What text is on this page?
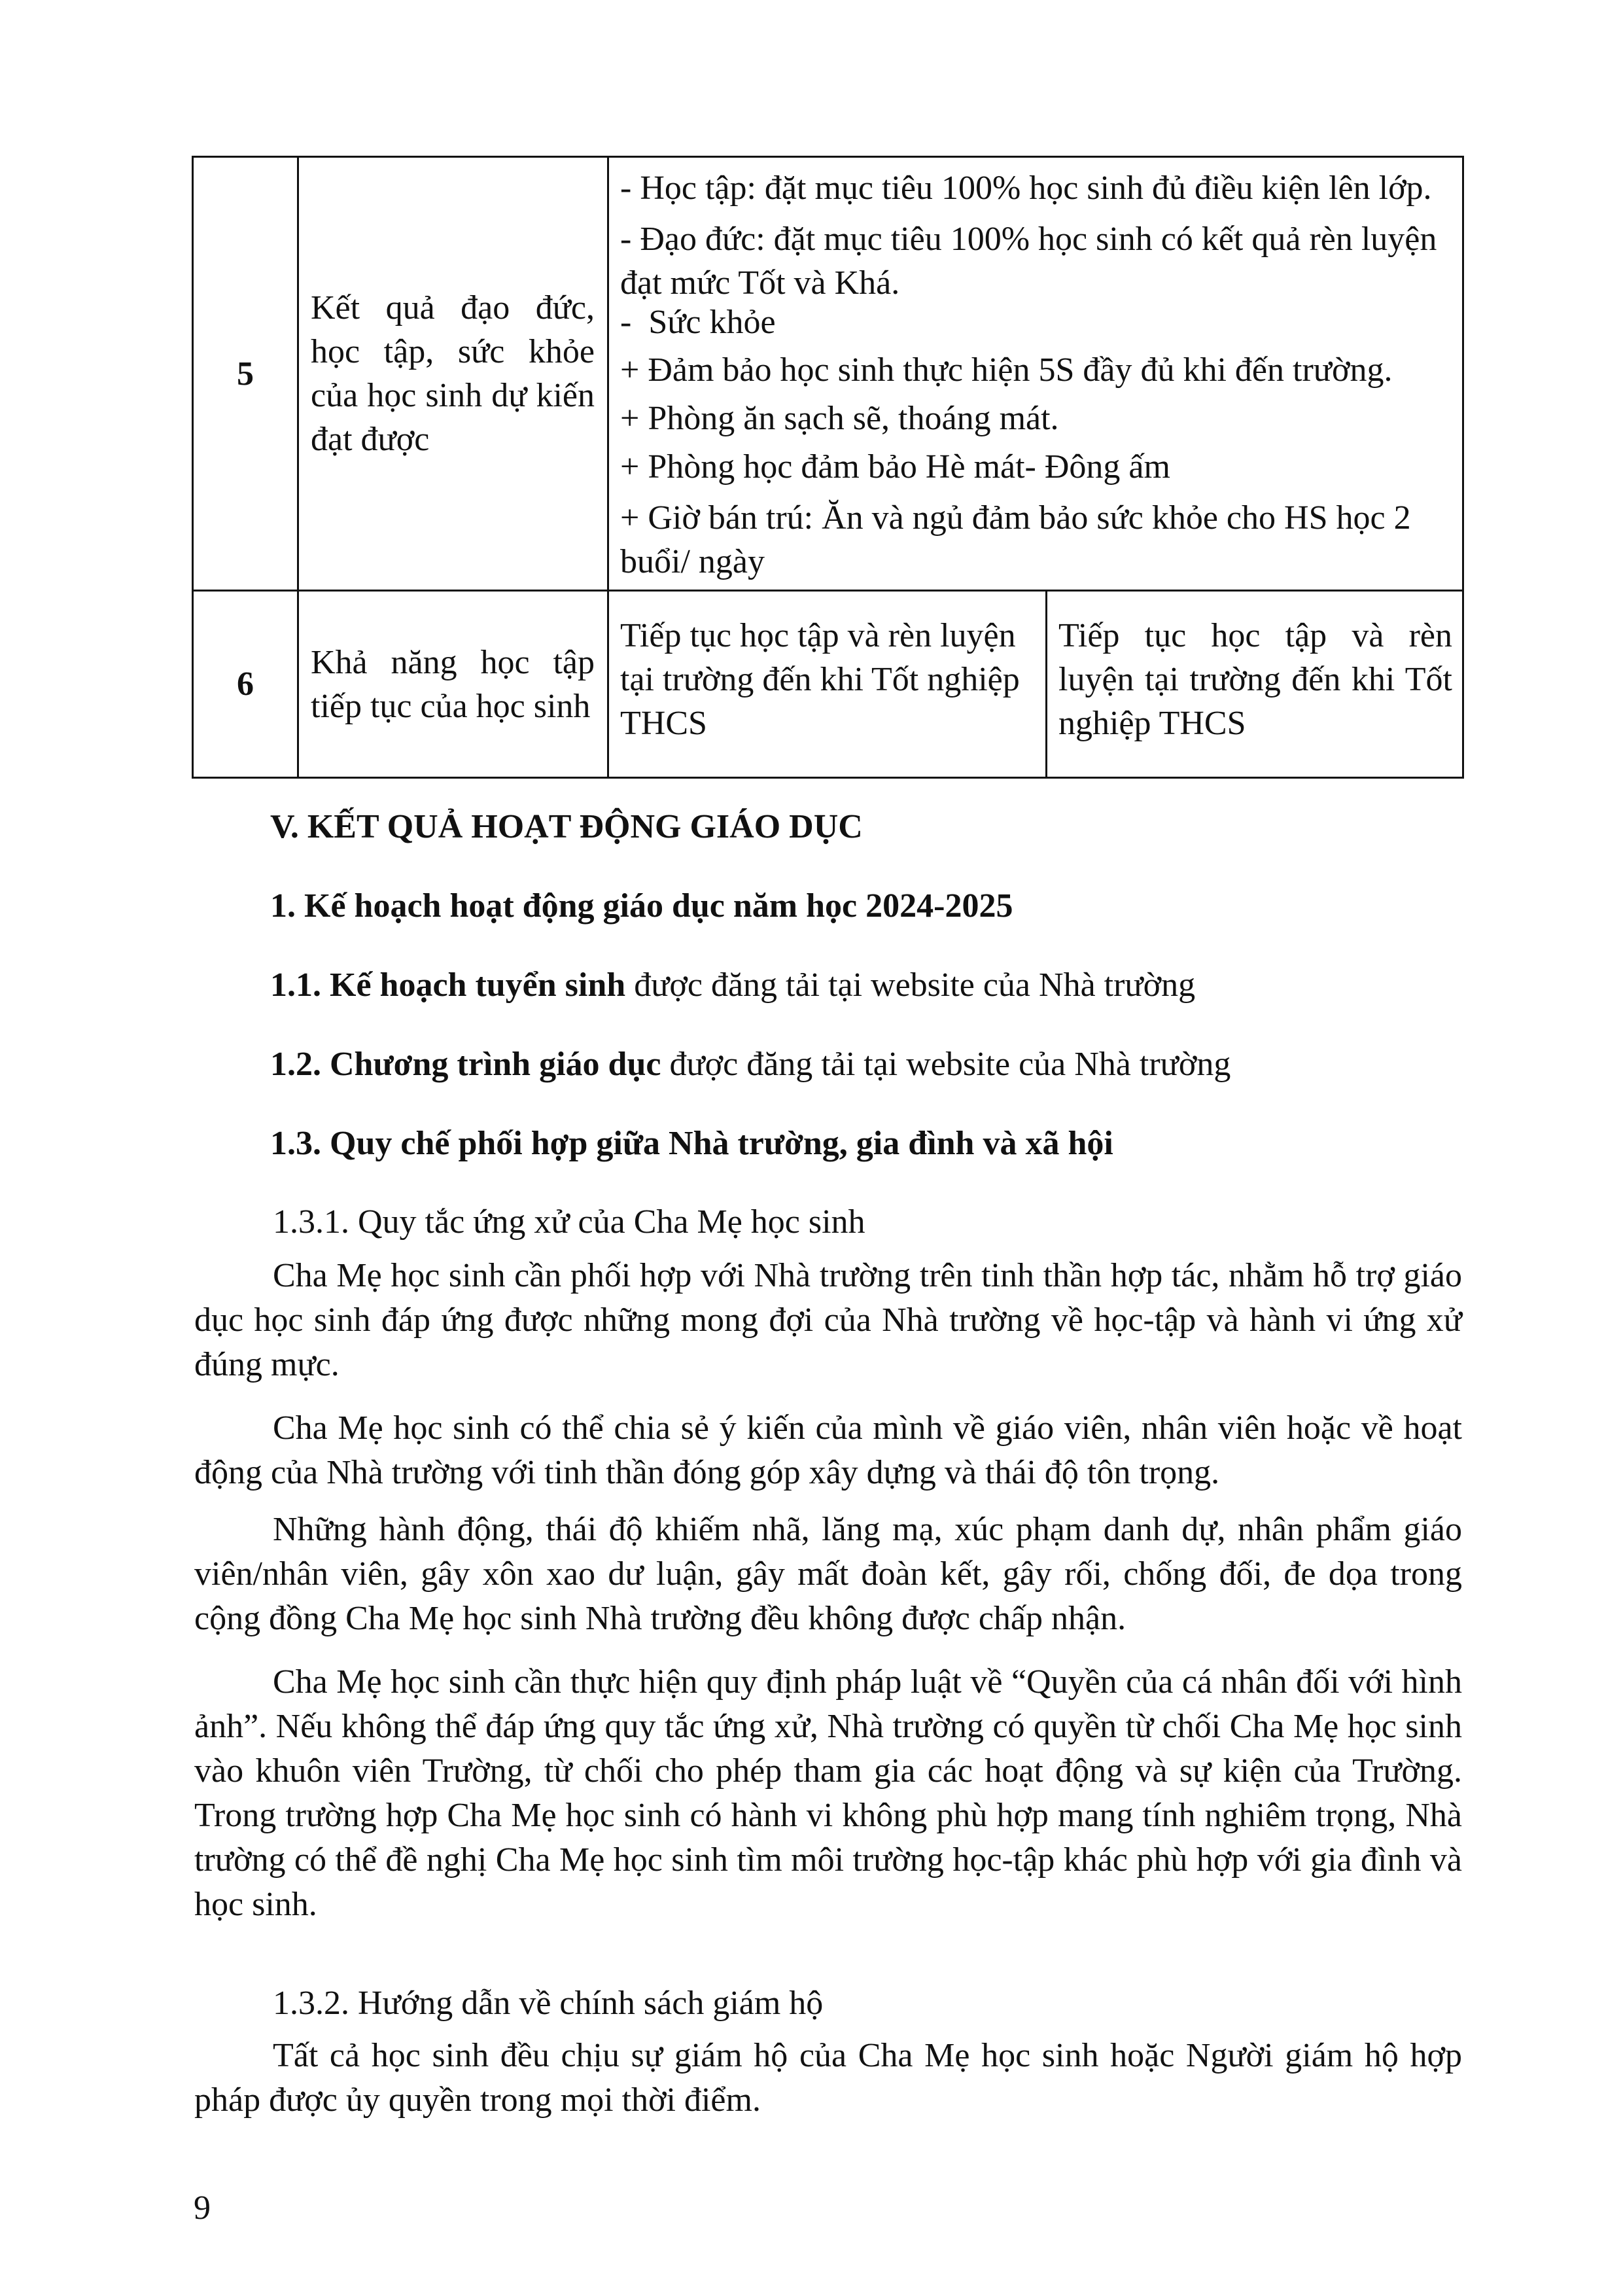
5
Kết quả đạo đức, học tập, sức khỏe của học sinh dự kiến đạt được
- Học tập: đặt mục tiêu 100% học sinh đủ điều kiện lên lớp.
- Đạo đức: đặt mục tiêu 100% học sinh có kết quả rèn luyện đạt mức Tốt và Khá.
-  Sức khỏe
+ Đảm bảo học sinh thực hiện 5S đầy đủ khi đến trường.
+ Phòng ăn sạch sẽ, thoáng mát.
+ Phòng học đảm bảo Hè mát- Đông ấm
+ Giờ bán trú: Ăn và ngủ đảm bảo sức khỏe cho HS học 2 buổi/ ngày
6
Khả năng học tập tiếp tục của học sinh
Tiếp tục học tập và rèn luyện tại trường đến khi Tốt nghiệp THCS
Tiếp tục học tập và rèn luyện tại trường đến khi Tốt nghiệp THCS
V. KẾT QUẢ HOẠT ĐỘNG GIÁO DỤC
1. Kế hoạch hoạt động giáo dục năm học 2024-2025
1.1. Kế hoạch tuyển sinh được đăng tải tại website của Nhà trường
1.2. Chương trình giáo dục được đăng tải tại website của Nhà trường
1.3. Quy chế phối hợp giữa Nhà trường, gia đình và xã hội
1.3.1. Quy tắc ứng xử của Cha Mẹ học sinh

Cha Mẹ học sinh cần phối hợp với Nhà trường trên tinh thần hợp tác, nhằm hỗ trợ giáo dục học sinh đáp ứng được những mong đợi của Nhà trường về học-tập và hành vi ứng xử đúng mực.

Cha Mẹ học sinh có thể chia sẻ ý kiến của mình về giáo viên, nhân viên hoặc về hoạt động của Nhà trường với tinh thần đóng góp xây dựng và thái độ tôn trọng.

Những hành động, thái độ khiếm nhã, lăng mạ, xúc phạm danh dự, nhân phẩm giáo viên/nhân viên, gây xôn xao dư luận, gây mất đoàn kết, gây rối, chống đối, đe dọa trong cộng đồng Cha Mẹ học sinh Nhà trường đều không được chấp nhận.

Cha Mẹ học sinh cần thực hiện quy định pháp luật về “Quyền của cá nhân đối với hình ảnh”. Nếu không thể đáp ứng quy tắc ứng xử, Nhà trường có quyền từ chối Cha Mẹ học sinh vào khuôn viên Trường, từ chối cho phép tham gia các hoạt động và sự kiện của Trường. Trong trường hợp Cha Mẹ học sinh có hành vi không phù hợp mang tính nghiêm trọng, Nhà trường có thể đề nghị Cha Mẹ học sinh tìm môi trường học-tập khác phù hợp với gia đình và học sinh.

1.3.2. Hướng dẫn về chính sách giám hộ

Tất cả học sinh đều chịu sự giám hộ của Cha Mẹ học sinh hoặc Người giám hộ hợp pháp được ủy quyền trong mọi thời điểm.

9
